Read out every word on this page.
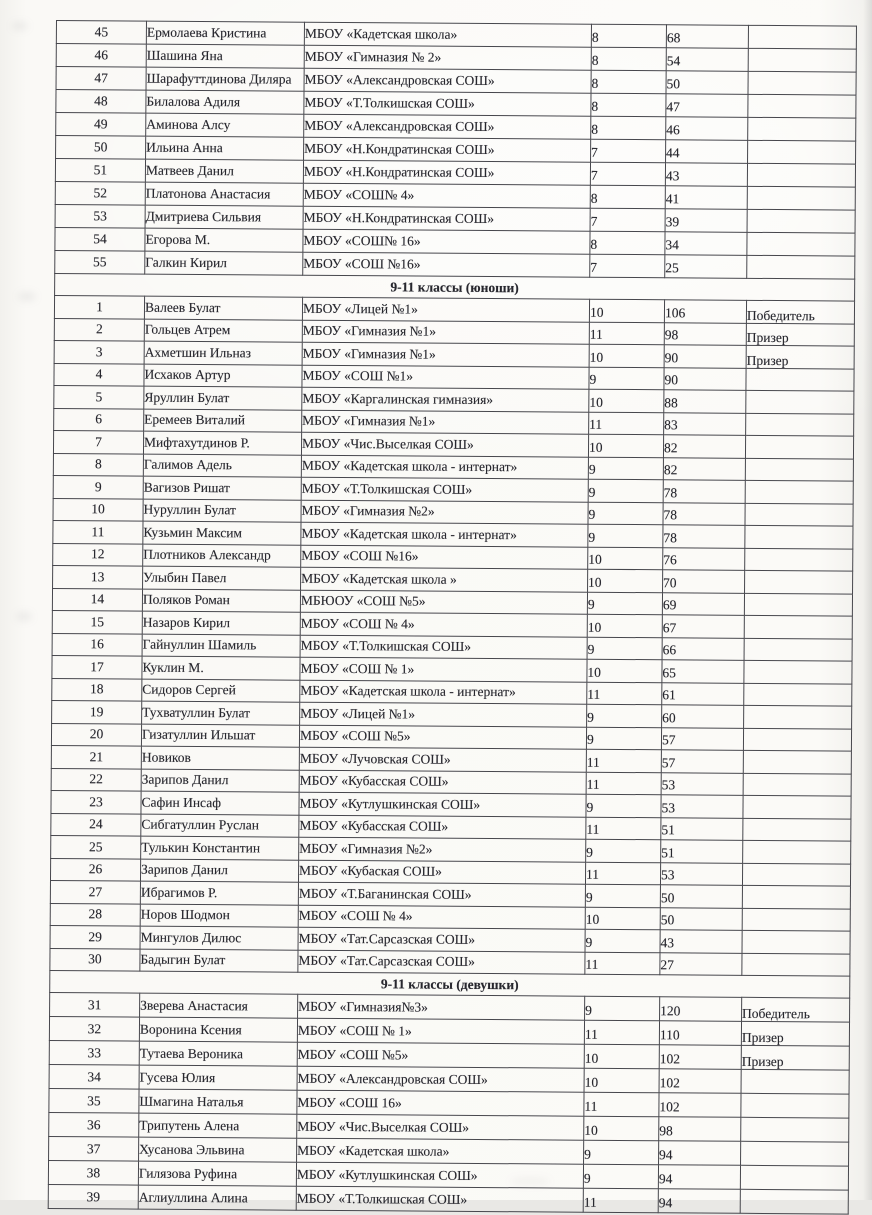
45	Ермолаева Кристина	МБОУ «Кадетская школа»	8	68	
46	Шашина Яна	МБОУ «Гимназия № 2»	8	54	
47	Шарафуттдинова Диляра	МБОУ «Александровская СОШ»	8	50	
48	Билалова Адиля	МБОУ «Т.Толкишская СОШ»	8	47	
49	Аминова Алсу	МБОУ «Александровская СОШ»	8	46	
50	Ильина Анна	МБОУ «Н.Кондратинская СОШ»	7	44	
51	Матвеев Данил	МБОУ «Н.Кондратинская СОШ»	7	43	
52	Платонова Анастасия	МБОУ «СОШ№ 4»	8	41	
53	Дмитриева Сильвия	МБОУ «Н.Кондратинская СОШ»	7	39	
54	Егорова М.	МБОУ «СОШ№ 16»	8	34	
55	Галкин Кирил	МБОУ «СОШ №16»	7	25	
9-11 классы (юноши)					
1	Валеев Булат	МБОУ «Лицей №1»	10	106	Победитель
2	Гольцев Атрем	МБОУ «Гимназия №1»	11	98	Призер
3	Ахметшин Ильназ	МБОУ «Гимназия №1»	10	90	Призер
4	Исхаков Артур	МБОУ «СОШ №1»	9	90	
5	Яруллин Булат	МБОУ «Каргалинская гимназия»	10	88	
6	Еремеев Виталий	МБОУ «Гимназия №1»	11	83	
7	Мифтахутдинов Р.	МБОУ «Чис.Выселкая СОШ»	10	82	
8	Галимов Адель	МБОУ «Кадетская школа - интернат»	9	82	
9	Вагизов Ришат	МБОУ «Т.Толкишская СОШ»	9	78	
10	Нуруллин Булат	МБОУ «Гимназия №2»	9	78	
11	Кузьмин Максим	МБОУ «Кадетская школа - интернат»	9	78	
12	Плотников Александр	МБОУ «СОШ №16»	10	76	
13	Улыбин Павел	МБОУ «Кадетская школа »	10	70	
14	Поляков Роман	МБЮОУ «СОШ №5»	9	69	
15	Назаров Кирил	МБОУ «СОШ № 4»	10	67	
16	Гайнуллин Шамиль	МБОУ «Т.Толкишская СОШ»	9	66	
17	Куклин М.	МБОУ «СОШ № 1»	10	65	
18	Сидоров Сергей	МБОУ «Кадетская школа - интернат»	11	61	
19	Тухватуллин Булат	МБОУ «Лицей №1»	9	60	
20	Гизатуллин Ильшат	МБОУ «СОШ №5»	9	57	
21	Новиков	МБОУ «Лучовская СОШ»	11	57	
22	Зарипов Данил	МБОУ «Кубасская СОШ»	11	53	
23	Сафин Инсаф	МБОУ «Кутлушкинская СОШ»	9	53	
24	Сибгатуллин Руслан	МБОУ «Кубасская СОШ»	11	51	
25	Тулькин Константин	МБОУ «Гимназия №2»	9	51	
26	Зарипов Данил	МБОУ «Кубаская СОШ»	11	53	
27	Ибрагимов Р.	МБОУ «Т.Баганинская СОШ»	9	50	
28	Норов Шодмон	МБОУ «СОШ № 4»	10	50	
29	Мингулов Дилюс	МБОУ «Тат.Сарсазская СОШ»	9	43	
30	Бадыгин Булат	МБОУ «Тат.Сарсазская СОШ»	11	27	
9-11 классы (девушки)					
31	Зверева Анастасия	МБОУ «Гимназия№3»	9	120	Победитель
32	Воронина Ксения	МБОУ «СОШ № 1»	11	110	Призер
33	Тутаева Вероника	МБОУ «СОШ №5»	10	102	Призер
34	Гусева Юлия	МБОУ «Александровская СОШ»	10	102	
35	Шмагина Наталья	МБОУ «СОШ 16»	11	102	
36	Трипутень Алена	МБОУ «Чис.Выселкая СОШ»	10	98	
37	Хусанова Эльвина	МБОУ «Кадетская школа»	9	94	
38	Гилязова Руфина	МБОУ «Кутлушкинская СОШ»	9	94	
39	Аглиуллина Алина	МБОУ «Т.Толкишская СОШ»	11	94	
